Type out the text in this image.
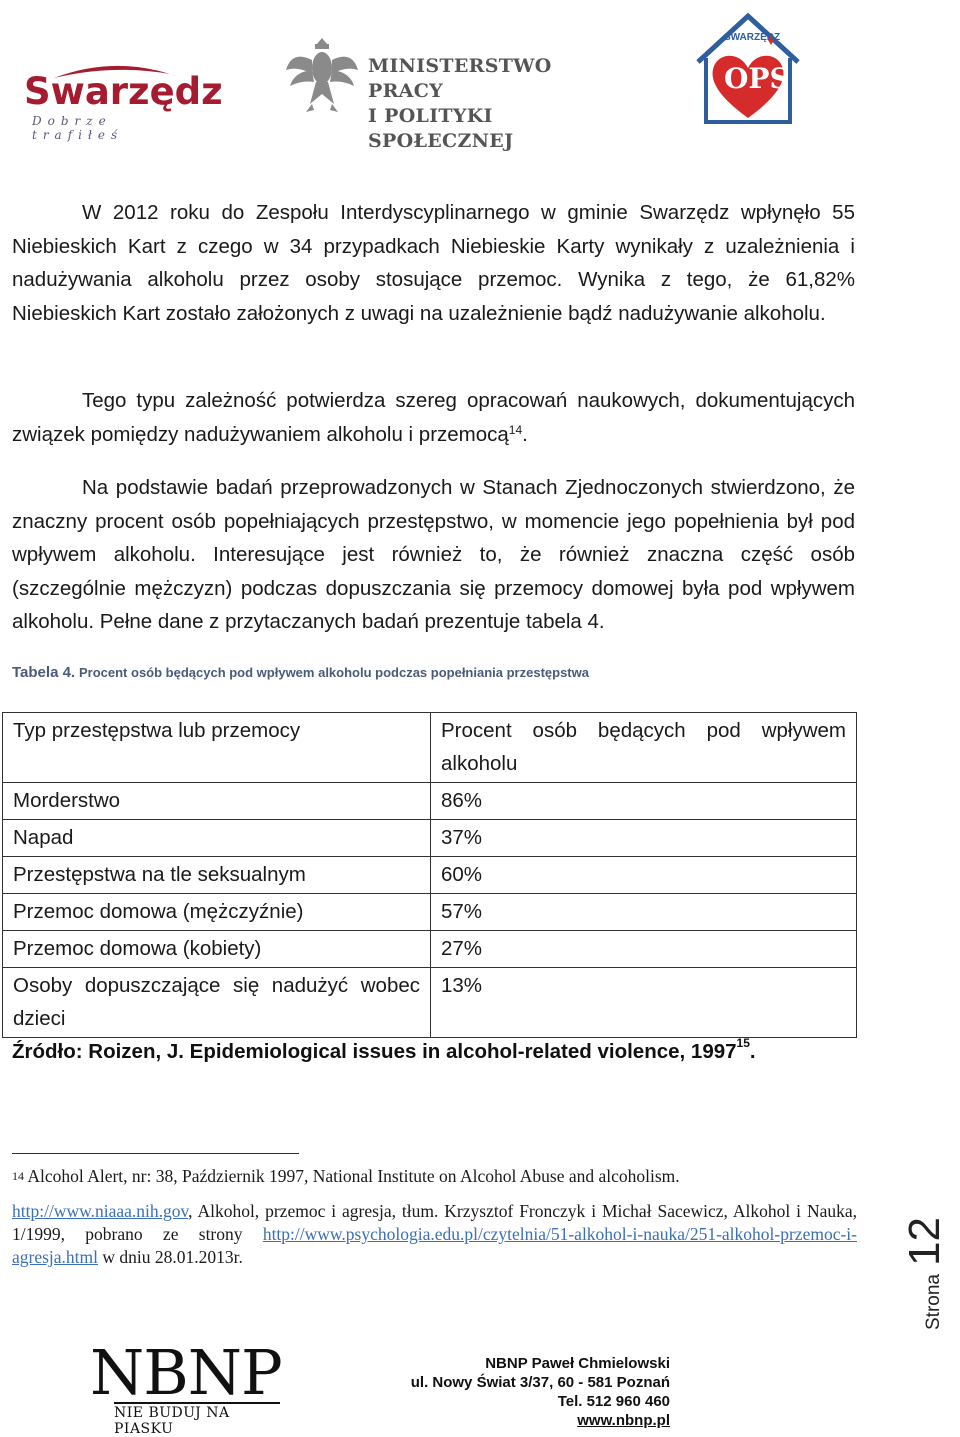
Swarzędz
Dobrze trafiłeś
MINISTERSTWO PRACY
I POLITYKI SPOŁECZNEJ
SWARZĘDZ
OPS
W 2012 roku do Zespołu Interdyscyplinarnego w gminie Swarzędz wpłynęło 55 Niebieskich Kart z czego w 34 przypadkach Niebieskie Karty wynikały z uzależnienia i nadużywania alkoholu przez osoby stosujące przemoc. Wynika z tego, że 61,82% Niebieskich Kart zostało założonych z uwagi na uzależnienie bądź nadużywanie alkoholu.
Tego typu zależność potwierdza szereg opracowań naukowych, dokumentujących związek pomiędzy nadużywaniem alkoholu i przemocą$^{14}$.
Na podstawie badań przeprowadzonych w Stanach Zjednoczonych stwierdzono, że znaczny procent osób popełniających przestępstwo, w momencie jego popełnienia był pod wpływem alkoholu. Interesujące jest również to, że również znaczna część osób (szczególnie mężczyzn) podczas dopuszczania się przemocy domowej była pod wpływem alkoholu. Pełne dane z przytaczanych badań prezentuje tabela 4.
Tabela 4. Procent osób będących pod wpływem alkoholu podczas popełniania przestępstwa
Typ przestępstwa lub przemocy	Procent osób będących pod wpływem alkoholu
Morderstwo	86%
Napad	37%
Przestępstwa na tle seksualnym	60%
Przemoc domowa (mężczyźnie)	57%
Przemoc domowa (kobiety)	27%
Osoby dopuszczające się nadużyć wobec dzieci	13%
Źródło: Roizen, J. Epidemiological issues in alcohol-related violence, 1997$^{15}$.
$^{14}$ Alcohol Alert, nr: 38, Październik 1997, National Institute on Alcohol Abuse and alcoholism.
http://www.niaaa.nih.gov, Alkohol, przemoc i agresja, tłum. Krzysztof Fronczyk i Michał Sacewicz, Alkohol i Nauka, 1/1999, pobrano ze strony http://www.psychologia.edu.pl/czytelnia/51-alkohol-i-nauka/251-alkohol-przemoc-i-agresja.html w dniu 28.01.2013r.
Strona12
NBNP
NIE BUDUJ NA PIASKU
NBNP Paweł Chmielowski
ul. Nowy Świat 3/37, 60 - 581 Poznań
Tel. 512 960 460
www.nbnp.pl
